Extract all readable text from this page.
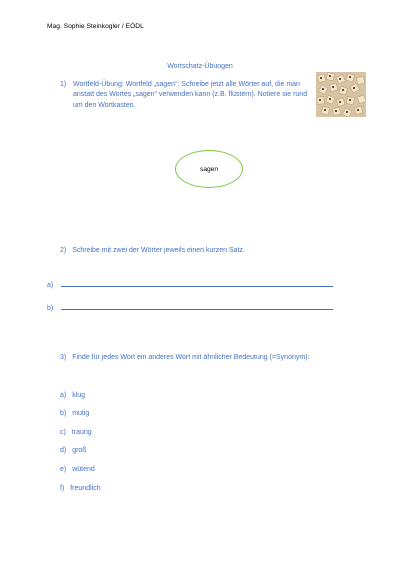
Mag. Sophie Steinkogler / EÖDL
Wortschatz-Übungen
1) Wortfeld-Übung: Wortfeld „sagen“: Schreibe jetzt alle Wörter auf, die man anstatt des Wortes „sagen“ verwenden kann (z.B. flüstern). Notiere sie rund um den Wortkasten.
sagen
2) Schreibe mit zwei der Wörter jeweils einen kurzen Satz.
a)
b)
3) Finde für jedes Wort ein anderes Wort mit ähnlicher Bedeutung (=Synonym):
a) klug
b) mutig
c) traurig
d) groß
e) wütend
f) freundlich
